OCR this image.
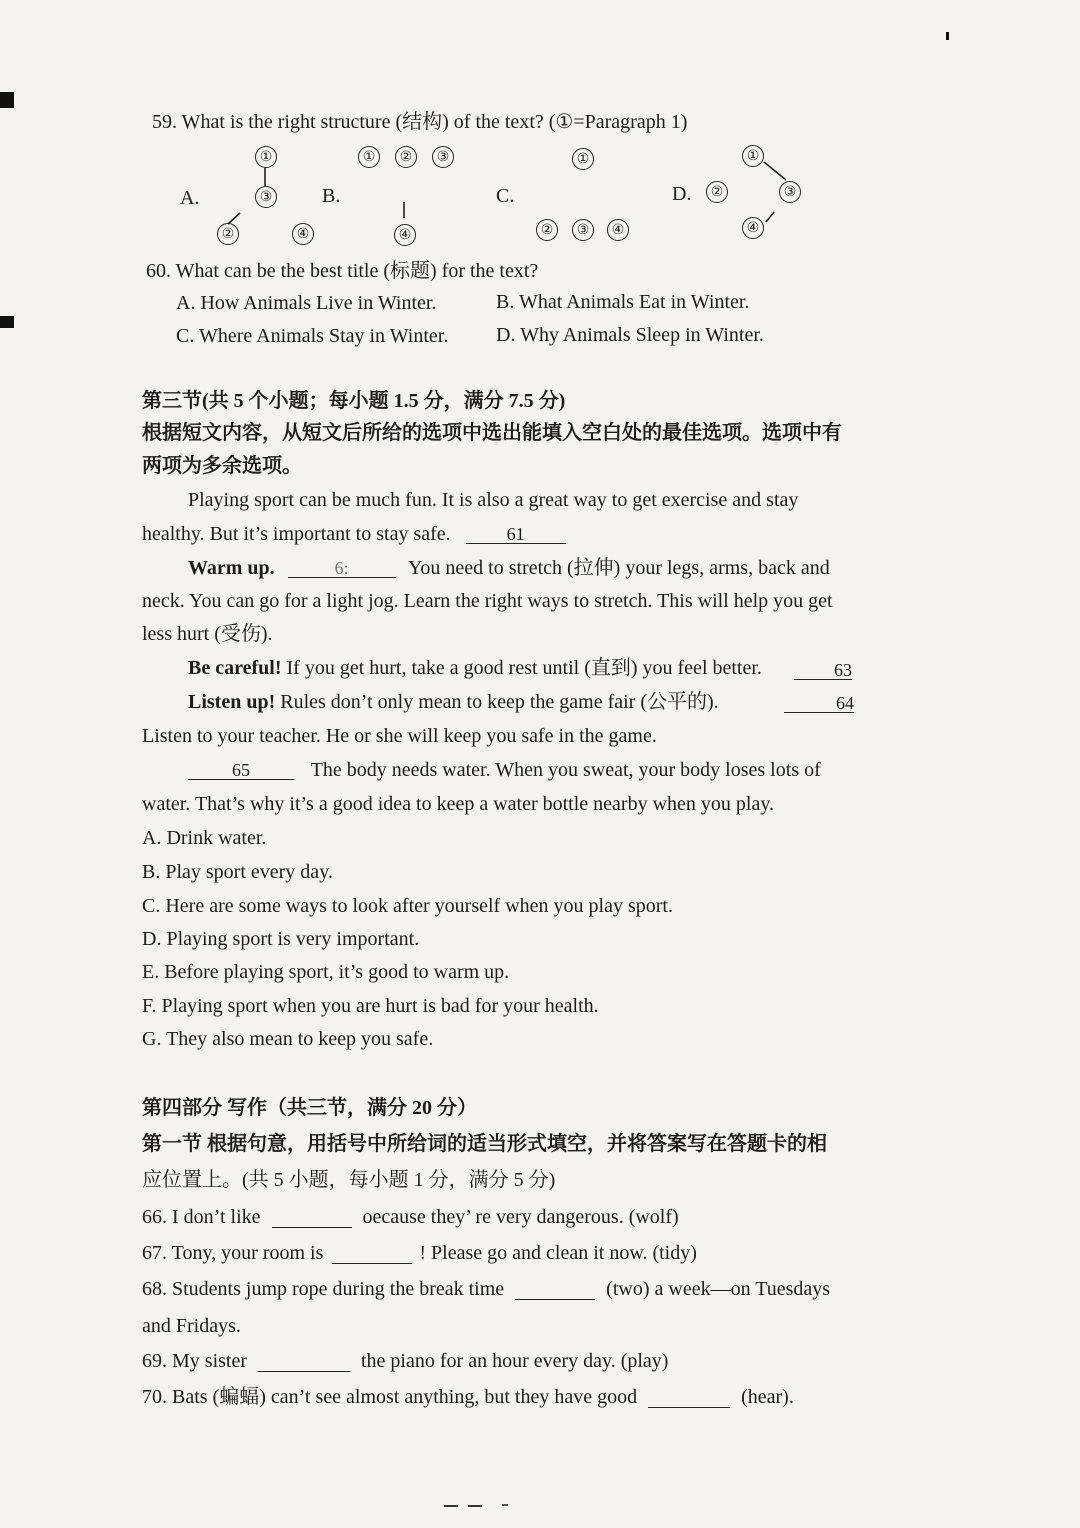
59. What is the right structure (结构) of the text? (①=Paragraph 1)
A.	B.	C.	D.
①
③
②	④
①	②	③
④
①
②	③	④
①
②	③
④
60. What can be the best title (标题) for the text?
A. How Animals Live in Winter.	B. What Animals Eat in Winter.
C. Where Animals Stay in Winter. D. Why Animals Sleep in Winter.
第三节(共 5 个小题；每小题 1.5 分，满分 7.5 分)
根据短文内容，从短文后所给的选项中选出能填入空白处的最佳选项。选项中有
两项为多余选项。
Playing sport can be much fun. It is also a great way to get exercise and stay
healthy. But it’s important to stay safe.	61
Warm up.	6:	You need to stretch (拉伸) your legs, arms, back and
neck. You can go for a light jog. Learn the right ways to stretch. This will help you get
less hurt (受伤).
Be careful! If you get hurt, take a good rest until (直到) you feel better.	63
Listen up! Rules don’t only mean to keep the game fair (公平的).	64
Listen to your teacher. He or she will keep you safe in the game.
65	The body needs water. When you sweat, your body loses lots of
water. That’s why it’s a good idea to keep a water bottle nearby when you play.
A. Drink water.
B. Play sport every day.
C. Here are some ways to look after yourself when you play sport.
D. Playing sport is very important.
E. Before playing sport, it’s good to warm up.
F. Playing sport when you are hurt is bad for your health.
G. They also mean to keep you safe.
第四部分 写作（共三节，满分 20 分）
第一节 根据句意，用括号中所给词的适当形式填空，并将答案写在答题卡的相
应位置上。(共 5 小题，每小题 1 分，满分 5 分)
66. I don’t like	oecause they’ re very dangerous. (wolf)
67. Tony, your room is	! Please go and clean it now. (tidy)
68. Students jump rope during the break time	(two) a week—on Tuesdays
and Fridays.
69. My sister	the piano for an hour every day. (play)
70. Bats (蝙蝠) can’t see almost anything, but they have good	(hear).
